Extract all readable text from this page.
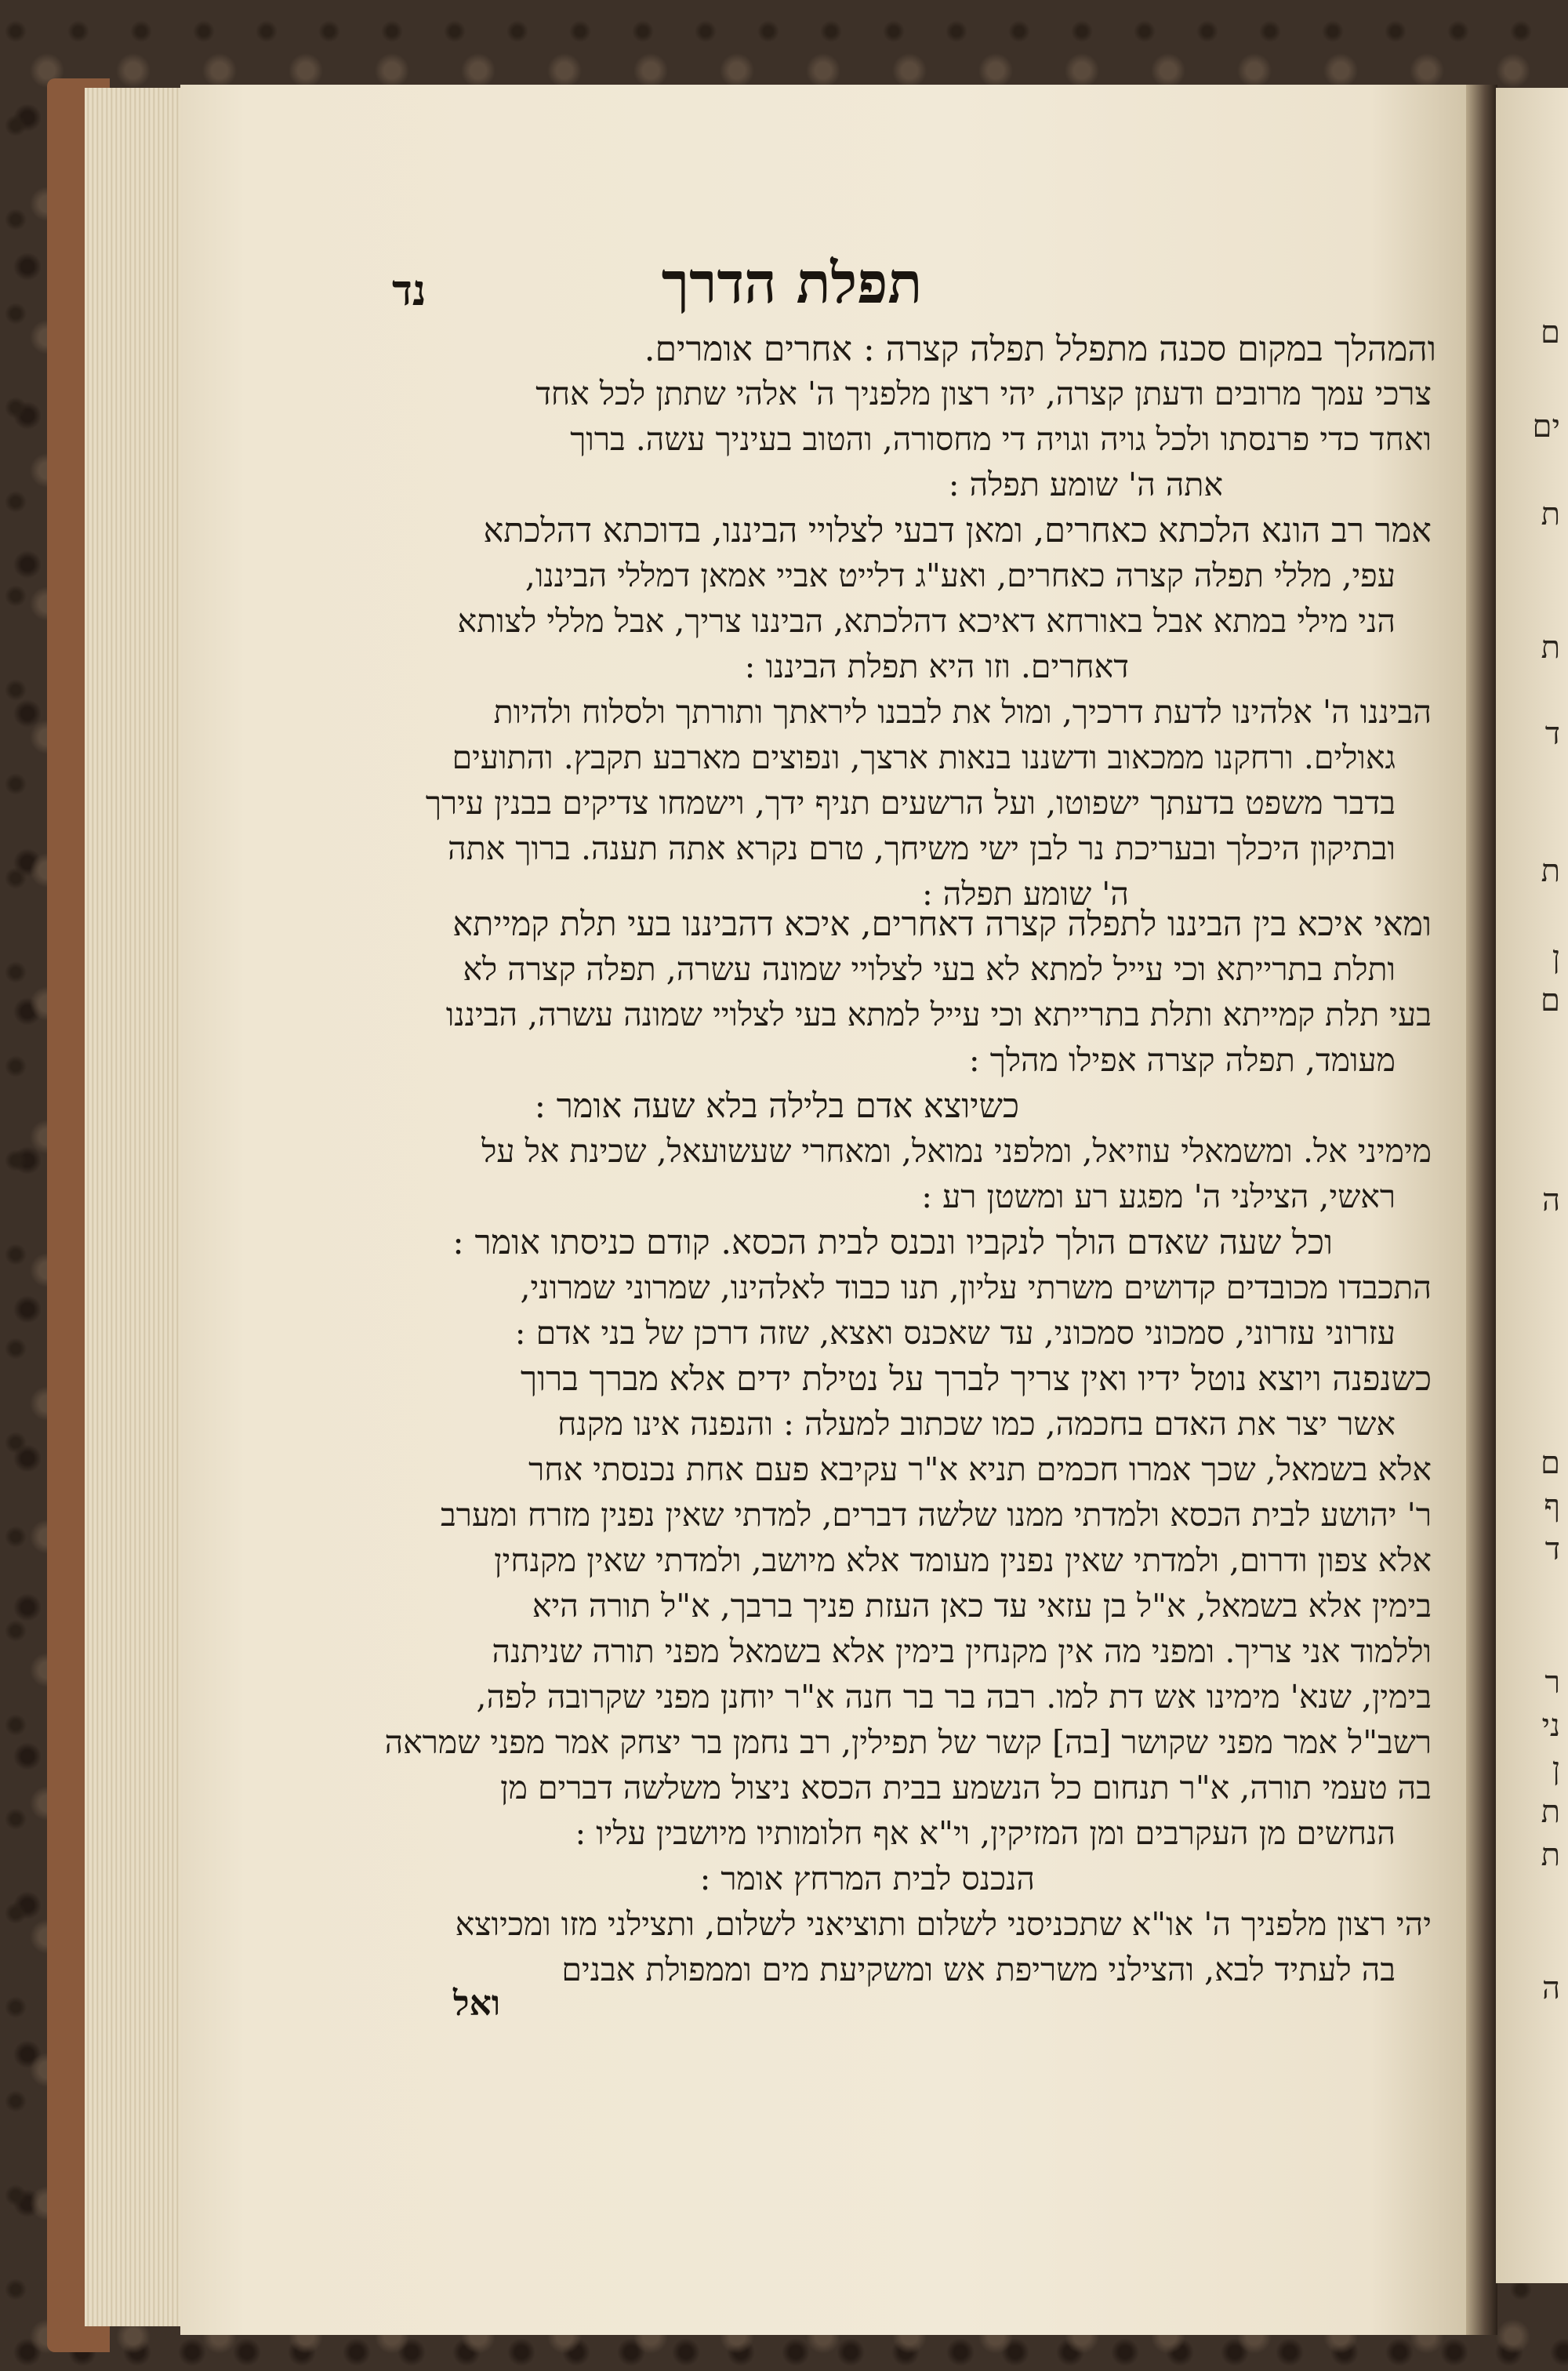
ם
ים
ת
ת
ד
ת
ן
ם
ה
ם
ף
ד
ר
ני
ן
ת
ת
ה
תפלת הדרך
נד
והמהלך במקום סכנה מתפלל תפלה קצרה : אחרים אומרים.
צרכי עמך מרובים ודעתן קצרה, יהי רצון מלפניך ה' אלהי שתתן לכל אחד
ואחד כדי פרנסתו ולכל גויה וגויה די מחסורה, והטוב בעיניך עשה. ברוך
אתה ה' שומע תפלה :
אמר רב הונא הלכתא כאחרים, ומאן דבעי לצלויי הביננו, בדוכתא דהלכתא
עפי, מללי תפלה קצרה כאחרים, ואע"ג דלייט אביי אמאן דמללי הביננו,
הני מילי במתא אבל באורחא דאיכא דהלכתא, הביננו צריך, אבל מללי לצותא
דאחרים. וזו היא תפלת הביננו :
הביננו ה' אלהינו לדעת דרכיך, ומול את לבבנו ליראתך ותורתך ולסלוח ולהיות
גאולים. ורחקנו ממכאוב ודשננו בנאות ארצך, ונפוצים מארבע תקבץ. והתועים
בדבר משפט בדעתך ישפוטו, ועל הרשעים תניף ידך, וישמחו צדיקים בבנין עירך
ובתיקון היכלך ובעריכת נר לבן ישי משיחך, טרם נקרא אתה תענה. ברוך אתה
ה' שומע תפלה :
ומאי איכא בין הביננו לתפלה קצרה דאחרים, איכא דהביננו בעי תלת קמייתא
ותלת בתרייתא וכי עייל למתא לא בעי לצלויי שמונה עשרה, תפלה קצרה לא
בעי תלת קמייתא ותלת בתרייתא וכי עייל למתא בעי לצלויי שמונה עשרה, הביננו
מעומד, תפלה קצרה אפילו מהלך :
כשיוצא אדם בלילה בלא שעה אומר :
מימיני אל. ומשמאלי עוזיאל, ומלפני נמואל, ומאחרי שעשועאל, שכינת אל על
ראשי, הצילני ה' מפגע רע ומשטן רע :
וכל שעה שאדם הולך לנקביו ונכנס לבית הכסא. קודם כניסתו אומר :
התכבדו מכובדים קדושים משרתי עליון, תנו כבוד לאלהינו, שמרוני שמרוני,
עזרוני עזרוני, סמכוני סמכוני, עד שאכנס ואצא, שזה דרכן של בני אדם :
כשנפנה ויוצא נוטל ידיו ואין צריך לברך על נטילת ידים אלא מברך ברוך
אשר יצר את האדם בחכמה, כמו שכתוב למעלה : והנפנה אינו מקנח
אלא בשמאל, שכך אמרו חכמים תניא א"ר עקיבא פעם אחת נכנסתי אחר
ר' יהושע לבית הכסא ולמדתי ממנו שלשה דברים, למדתי שאין נפנין מזרח ומערב
אלא צפון ודרום, ולמדתי שאין נפנין מעומד אלא מיושב, ולמדתי שאין מקנחין
בימין אלא בשמאל, א"ל בן עזאי עד כאן העזת פניך ברבך, א"ל תורה היא
וללמוד אני צריך. ומפני מה אין מקנחין בימין אלא בשמאל מפני תורה שניתנה
בימין, שנא' מימינו אש דת למו. רבה בר בר חנה א"ר יוחנן מפני שקרובה לפה,
רשב"ל אמר מפני שקושר [בה] קשר של תפילין, רב נחמן בר יצחק אמר מפני שמראה
בה טעמי תורה, א"ר תנחום כל הנשמע בבית הכסא ניצול משלשה דברים מן
הנחשים מן העקרבים ומן המזיקין, וי"א אף חלומותיו מיושבין עליו :
הנכנס לבית המרחץ אומר :
יהי רצון מלפניך ה' או"א שתכניסני לשלום ותוציאני לשלום, ותצילני מזו ומכיוצא
בה לעתיד לבא, והצילני משריפת אש ומשקיעת מים וממפולת אבנים
ואל
